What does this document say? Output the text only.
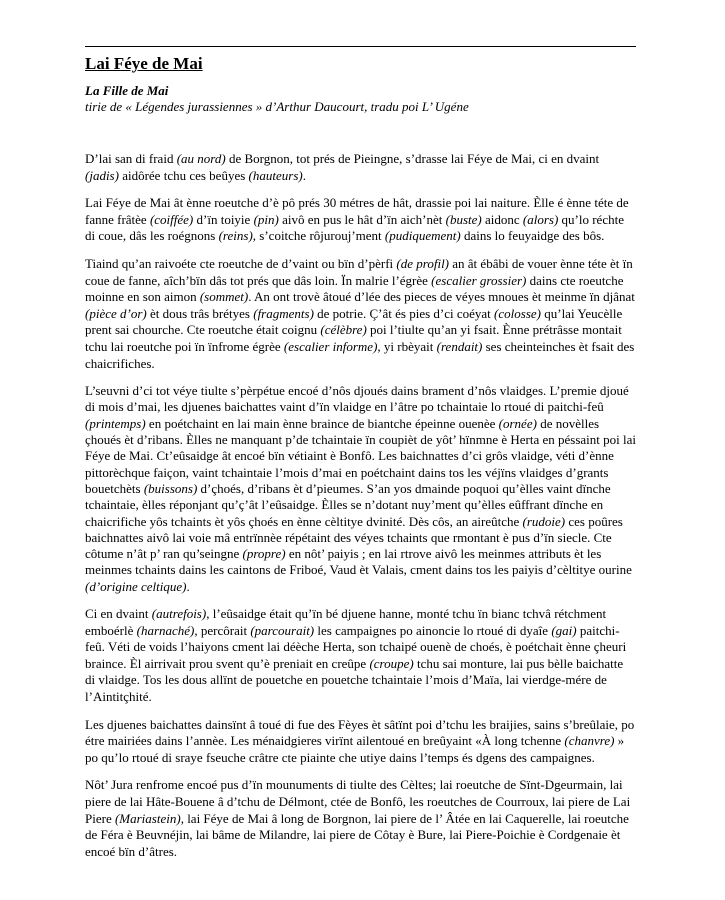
Lai Féye de Mai

La Fille de Mai

tirie de « Légendes jurassiennes » d’Arthur Daucourt, tradu poi L’ Ugéne

D’lai san di fraid (au nord) de Borgnon, tot prés de Pieingne, s’drasse lai Féye de Mai, ci en dvaint (jadis) aidôrée tchu ces beûyes (hauteurs).

Lai Féye de Mai ât ènne roeutche d’è pô prés 30 métres de hât, drassie poi lai naiture. Èlle é ènne téte de fanne frâtèe (coiffée) d’ïn toiyie (pin) aivô en pus le hât d’ïn aich’nèt (buste) aidonc (alors) qu’lo réchte di coue, dâs les roégnons (reins), s’coitche rôjurouj’ment (pudiquement) dains lo feuyaidge des bôs.

Tiaind qu’an raivoéte cte roeutche de d’vaint ou bïn d’pèrfi (de profil) an ât ébâbi de vouer ènne téte èt ïn coue de fanne, aîch’bïn dâs tot prés que dâs loin. Ïn malrie l’égrèe (escalier grossier) dains cte roeutche moinne en son aimon (sommet). An ont trovè âtoué d’lée des pieces de véyes mnoues èt meinme ïn djânat (pièce d’or) èt dous trâs brétyes (fragments) de potrie. Ç’ât és pies d’ci coéyat (colosse) qu’lai Yeucèlle prent sai chourche. Cte roeutche était coignu (célèbre) poi l’tiulte qu’an yi fsait. Ènne prétrâsse montait tchu lai roeutche poi ïn ïnfrome égrèe (escalier informe), yi rbèyait (rendait) ses cheinteinches èt fsait des chaicrifiches.

L’seuvni d’ci tot véye tiulte s’pèrpétue encoé d’nôs djoués dains brament d’nôs vlaidges. L’premie djoué di mois d’mai, les djuenes baichattes vaint d’ïn vlaidge en l’âtre po tchaintaie lo rtoué di paitchi-feû (printemps) en poétchaint en lai main ènne braince de biantche épeinne ouenèe (ornée) de novèlles çhoués èt d’ribans. Èlles ne manquant p’de tchaintaie ïn coupièt de yôt’ hïnmne è Herta en péssaint poi lai Féye de Mai. Ct’eûsaidge ât encoé bïn vétiaint è Bonfô. Les baichnattes d’ci grôs vlaidge, véti d’ènne pittorèchque faiçon, vaint tchaintaie l’mois d’mai en poétchaint dains tos les véjïns vlaidges d’grants bouetchèts (buissons) d’çhoés, d’ribans èt d’pieumes. S’an yos dmainde poquoi qu’èlles vaint dïnche tchaintaie, èlles réponjant qu’ç’ât l’eûsaidge. Èlles se n’dotant nuy’ment qu’èlles eûffrant dïnche en chaicrifiche yôs tchaints èt yôs çhoés en ènne cèltitye dvinité. Dès côs, an aireûtche (rudoie) ces poûres baichnattes aivô lai voie mâ entrïnnèe répétaint des véyes tchaints que rmontant è pus d’ïn siecle. Cte côtume n’ât p’ ran qu’seingne (propre) en nôt’ paiyis ; en lai rtrove aivô les meinmes attributs èt les meinmes tchaints dains les caintons de Friboé, Vaud èt Valais, cment dains tos les paiyis d’cèltitye ourine (d’origine celtique).

Ci en dvaint (autrefois), l’eûsaidge était qu’ïn bé djuene hanne, monté tchu ïn bianc tchvâ rétchment emboérlè (harnaché), percôrait (parcourait) les campaignes po ainoncie lo rtoué di dyaîe (gai) paitchi-feû. Véti de voids l’haiyons cment lai déèche Herta, son tchaipé ouenè de choés, è poétchait ènne çheuri braince. Èl airrivait prou svent qu’è preniait en creûpe (croupe) tchu sai monture, lai pus bèlle baichatte di vlaidge. Tos les dous allïnt de pouetche en pouetche tchaintaie l’mois d’Maïa, lai vierdge-mére de l’Aintitçhité.

Les djuenes baichattes dainsïnt â toué di fue des Fèyes èt sâtïnt poi d’tchu les braijies, sains s’breûlaie, po étre mairiées dains l’annèe. Les ménaidgieres virïnt ailentoué en breûyaint «À long tchenne (chanvre) » po qu’lo rtoué di sraye fseuche crâtre cte piainte che utiye dains l’temps és dgens des campaignes.

Nôt’ Jura renfrome encoé pus d’ïn mounuments di tiulte des Cèltes; lai roeutche de Sïnt-Dgeurmain, lai piere de lai Hâte-Bouene â d’tchu de Délmont, ctée de Bonfô, les roeutches de Courroux, lai piere de Lai Piere (Mariastein), lai Féye de Mai â long de Borgnon, lai piere de l’ Âtée en lai Caquerelle, lai roeutche de Féra è Beuvnéjin, lai bâme de Milandre, lai piere de Côtay è Bure, lai Piere-Poichie è Cordgenaie èt encoé bïn d’âtres.
